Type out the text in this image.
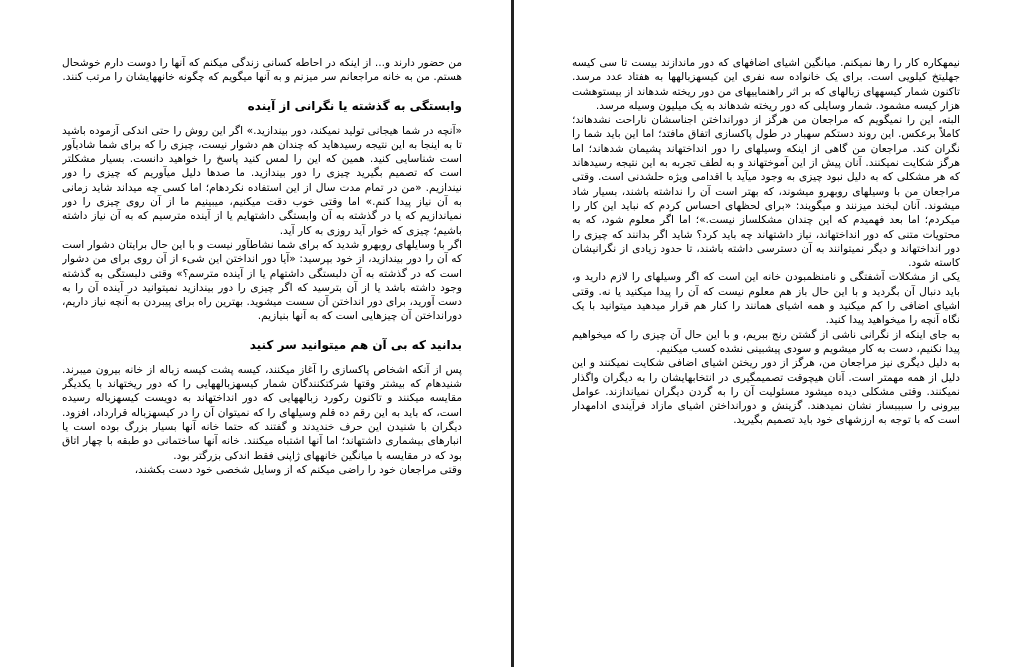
من حضور دارند و... از اینکه در احاطه کسانی زندگی میکنم که آنها را دوست دارم خوشحال هستم. من به خانه مراجعانم سر میزنم و به آنها میگویم که چگونه خانههایشان را مرتب کنند.

وابستگی به گذشته یا نگرانی از آینده

«آنچه در شما هیجانی تولید نمیکند، دور بیندازید.» اگر این روش را حتی اندکی آزموده باشید تا به اینجا به این نتیجه رسیدهاید که چندان هم دشوار نیست، چیزی را که برای شما شادیآور است شناسایی کنید. همین که این را لمس کنید پاسخ را خواهید دانست. بسیار مشکلتر است که تصمیم بگیرید چیزی را دور بیندازید. ما صدها دلیل میآوریم که چیزی را دور نیندازیم. «من در تمام مدت سال از این استفاده نکردهام؛ اما کسی چه میداند شاید زمانی به آن نیاز پیدا کنم.» اما وقتی خوب دقت میکنیم، میبینیم ما از آن روی چیزی را دور نمیاندازیم که یا در گذشته به آن وابستگی داشتهایم یا از آینده مترسیم که به آن نیاز داشته باشیم؛ چیزی که خوار آید روزی به کار آید.

اگر با وسایلهای روبهرو شدید که برای شما نشاطآور نیست و با این حال برایتان دشوار است که آن را دور بیندازید، از خود بپرسید: «آیا دور انداختن این شیء از آن روی برای من دشوار است که در گذشته به آن دلبستگی داشتهام یا از آینده مترسم؟» وقتی دلبستگی به گذشته وجود داشته باشد یا از آن بترسید که اگر چیزی را دور بیندازید نمیتوانید در آینده آن را به دست آورید، برای دور انداختن آن سست میشوید. بهترین راه برای پیبردن به آنچه نیاز داریم، دورانداختن آن چیزهایی است که به آنها بنیازیم.

بدانید که بی آن هم میتوانید سر کنید

پس از آنکه اشخاص پاکسازی را آغاز میکنند، کیسه پشت کیسه زباله از خانه بیرون میبرند. شنیدهام که بیشتر وقتها شرکتکنندگان شمار کیسهزبالههایی را که دور ریختهاند با یکدیگر مقایسه میکنند و تاکنون رکورد زبالههایی که دور انداختهاند به دویست کیسهزباله رسیده است، که باید به این رقم ده قلم وسیلهای را که نمیتوان آن را در کیسهزباله قرارداد، افزود. دیگران با شنیدن این حرف خندیدند و گفتند که حتما خانه آنها بسیار بزرگ بوده است یا انبارهای بیشماری داشتهاند؛ اما آنها اشتباه میکنند. خانه آنها ساختمانی دو طبقه با چهار اتاق بود که در مقایسه با میانگین خانههای ژاپنی فقط اندکی بزرگتر بود.

وقتی مراجعان خود را راضی میکنم که از وسایل شخصی خود دست بکشند،

نیمهکاره کار را رها نمیکنم. میانگین اشیای اضافهای که دور ماندازند بیست تا سی کیسه جهلیتخ کیلویی است. برای یک خانواده سه نفری این کیسهزبالهها به هفتاد عدد مرسد. تاکنون شمار کیسههای زبالهای که بر اثر راهنماییهای من دور ریخته شدهاند از بیستوهشت هزار کیسه مشمود. شمار وسایلی که دور ریخته شدهاند به یک میلیون وسیله مرسد.

البته، این را نمیگویم که مراجعان من هرگز از دورانداختن اجناسشان ناراحت نشدهاند؛ کاملاً برعکس. این روند دستکم سهبار در طول پاکسازی اتفاق مافتد؛ اما این باید شما را نگران کند. مراجعان من گاهی از اینکه وسیلهای را دور انداختهاند پشیمان شدهاند؛ اما هرگز شکایت نمیکنند. آنان پیش از این آموختهاند و به لطف تجربه به این نتیجه رسیدهاند که هر مشکلی که به دلیل نبود چیزی به وجود میآید با اقدامی ویژه حلشدنی است. وقتی مراجعان من با وسیلهای روبهرو میشوند، که بهتر است آن را نداشته باشند، بسیار شاد میشوند. آنان لبخند میزنند و میگویند: «برای لحظهای احساس کردم که نباید این کار را میکردم؛ اما بعد فهمیدم که این چندان مشکلساز نیست.»؛ اما اگر معلوم شود، که به محتویات متنی که دور انداختهاند، نیاز داشتهاند چه باید کرد؟ شاید اگر بدانند که چیزی را دور انداختهاند و دیگر نمیتوانند به آن دسترسی داشته باشند، تا حدود زیادی از نگرانیشان کاسته شود.

یکی از مشکلات آشفتگی و نامنظمبودن خانه این است که اگر وسیلهای را لازم دارید و، باید دنبال آن بگردید و با این حال باز هم معلوم نیست که آن را پیدا میکنید یا نه. وقتی اشیای اضافی را کم میکنید و همه اشیای همانند را کنار هم قرار میدهید میتوانید با یک نگاه آنچه را میخواهید پیدا کنید.

به جای اینکه از نگرانی ناشی از گشتن رنج ببریم، و با این حال آن چیزی را که میخواهیم پیدا نکنیم، دست به کار میشویم و سودی پیشبینی نشده کسب میکنیم.

به دلیل دیگری نیز مراجعان من، هرگز از دور ریختن اشیای اضافی شکایت نمیکنند و این دلیل از همه مهمتر است. آنان هیچوقت تصمیمگیری در انتخابهایشان را به دیگران واگذار نمیکنند. وقتی مشکلی دیده میشود مسئولیت آن را به گردن دیگران نمیاندازند. عوامل بیرونی را سبببساز نشان نمیدهند. گزینش و دورانداختن اشیای مازاد فرآیندی ادامهدار است که با توجه به ارزشهای خود باید تصمیم بگیرید.
